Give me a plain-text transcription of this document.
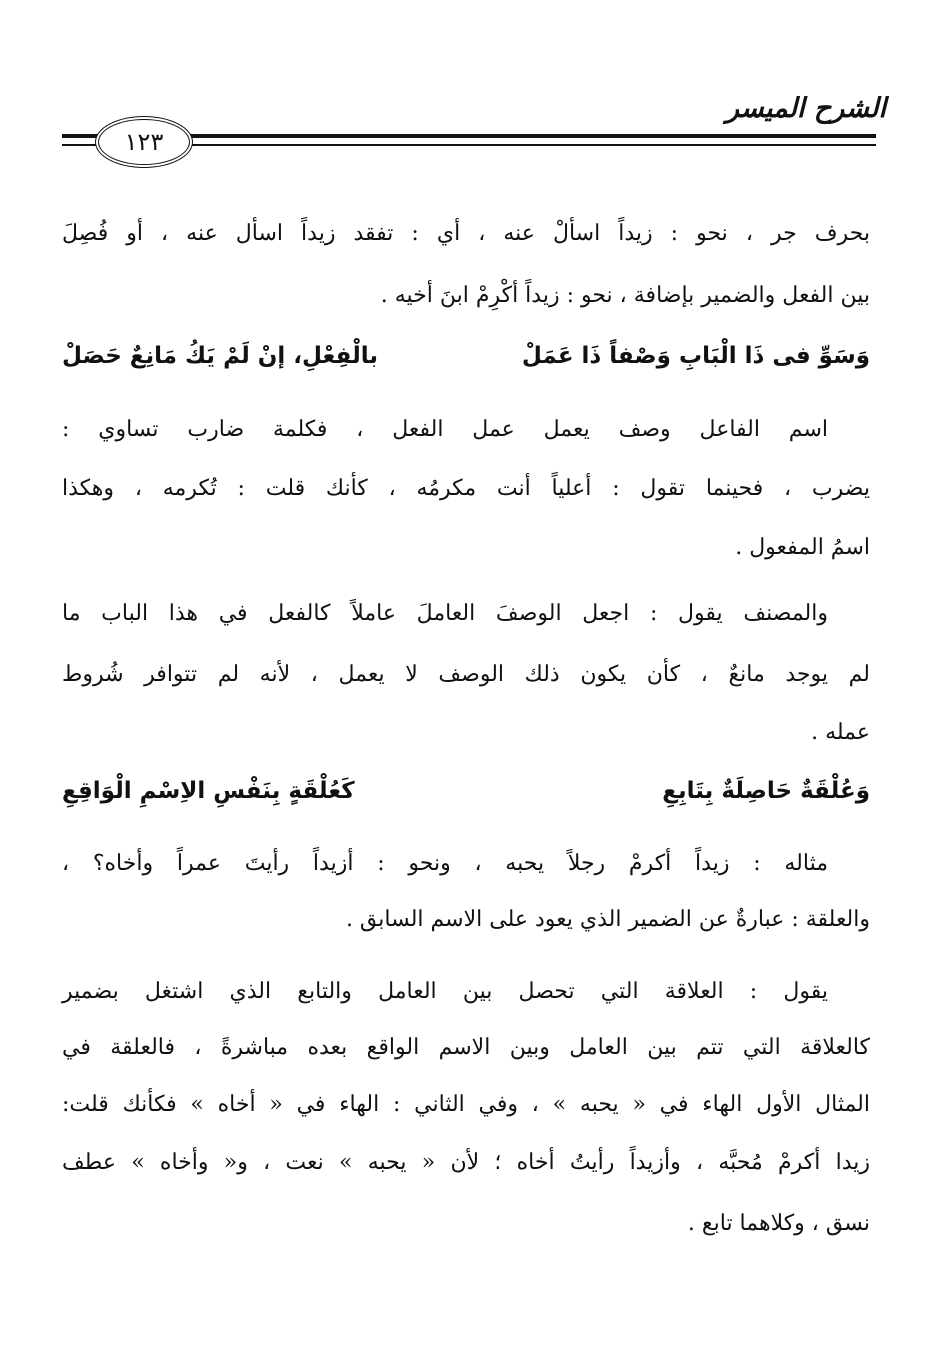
الشرح الميسر
١٢٣
بحرف جر ، نحو : زيداً اسألْ عنه ، أي : تفقد زيداً اسأل عنه ، أو فُصِلَ
بين الفعل والضمير بإضافة ، نحو : زيداً أكْرِمْ ابنَ أخيه .
وَسَوِّ فى ذَا الْبَابِ وَصْفاً ذَا عَمَلْ
بالْفِعْلِ، إنْ لَمْ يَكُ مَانِعٌ حَصَلْ
اسم الفاعل وصف يعمل عمل الفعل ، فكلمة ضارب تساوي :
يضرب ، فحينما تقول : أعلياً أنت مكرمُه ، كأنك قلت : تُكرمه ، وهكذا
اسمُ المفعول .
والمصنف يقول : اجعل الوصفَ العاملَ عاملاً كالفعل في هذا الباب ما
لم يوجد مانعٌ ، كأن يكون ذلك الوصف لا يعمل ، لأنه لم تتوافر شُروط
عمله .
وَعُلْقَةٌ حَاصِلَةٌ بِتَابِعِ
كَعُلْقَةٍ بِنَفْسِ الاِسْمِ الْوَاقِعِ
مثاله : زيداً أكرمْ رجلاً يحبه ، ونحو : أزيداً رأيتَ عمراً وأخاه؟ ،
والعلقة : عبارةٌ عن الضمير الذي يعود على الاسم السابق .
يقول : العلاقة التي تحصل بين العامل والتابع الذي اشتغل بضمير
كالعلاقة التي تتم بين العامل وبين الاسم الواقع بعده مباشرةً ، فالعلقة في
المثال الأول الهاء في « يحبه » ، وفي الثاني : الهاء في « أخاه » فكأنك قلت:
زيدا أكرمْ مُحبَّه ، وأزيداً رأيتُ أخاه ؛ لأن « يحبه » نعت ، و« وأخاه » عطف
نسق ، وكلاهما تابع .
